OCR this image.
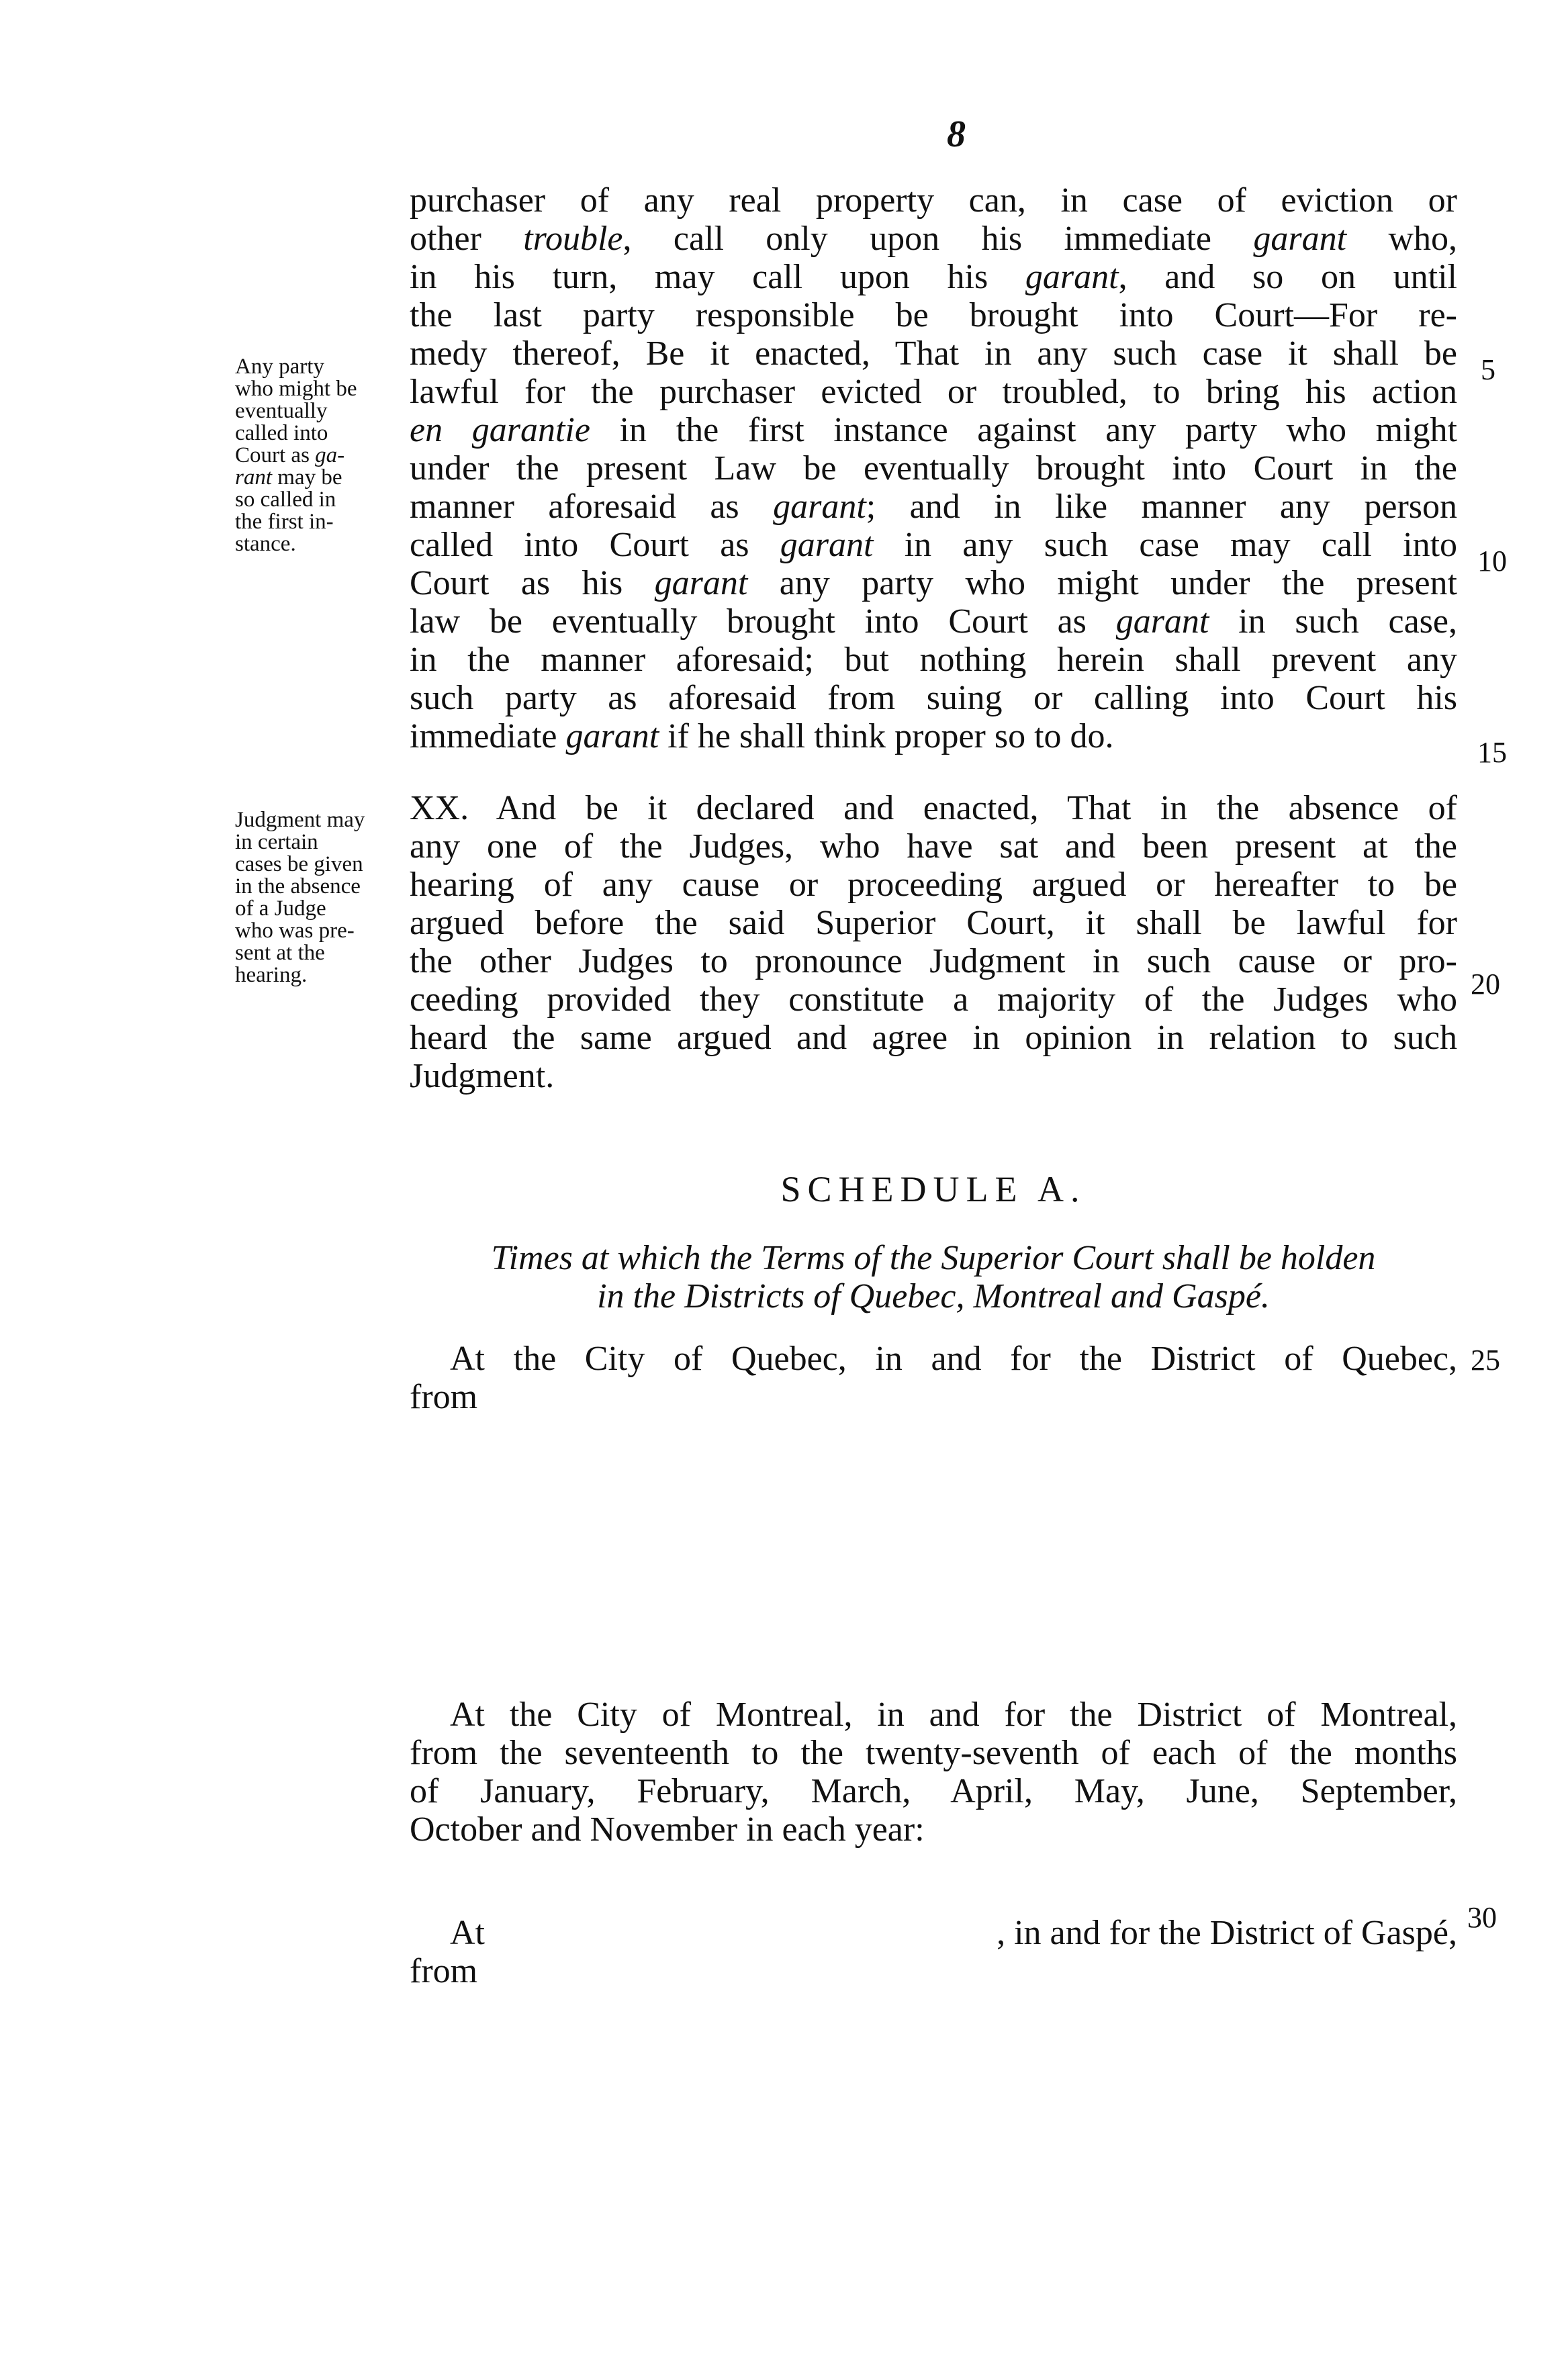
8
purchaser of any real property can, in case of eviction or
other trouble, call only upon his immediate garant who,
in his turn, may call upon his garant, and so on until
the last party responsible be brought into Court—For re-
medy thereof, Be it enacted, That in any such case it shall be
lawful for the purchaser evicted or troubled, to bring his action
en garantie in the first instance against any party who might
under the present Law be eventually brought into Court in the
manner aforesaid as garant; and in like manner any person
called into Court as garant in any such case may call into
Court as his garant any party who might under the present
law be eventually brought into Court as garant in such case,
in the manner aforesaid; but nothing herein shall prevent any
such party as aforesaid from suing or calling into Court his
immediate garant if he shall think proper so to do.
Any party
who might be
eventually
called into
Court as ga-
rant may be
so called in
the first in-
stance.
XX. And be it declared and enacted, That in the absence of
any one of the Judges, who have sat and been present at the
hearing of any cause or proceeding argued or hereafter to be
argued before the said Superior Court, it shall be lawful for
the other Judges to pronounce Judgment in such cause or pro-
ceeding provided they constitute a majority of the Judges who
heard the same argued and agree in opinion in relation to such
Judgment.
Judgment may
in certain
cases be given
in the absence
of a Judge
who was pre-
sent at the
hearing.
5
10
15
20
25
30
SCHEDULE A.
Times at which the Terms of the Superior Court shall be holden
in the Districts of Quebec, Montreal and Gaspé.
At the City of Quebec, in and for the District of Quebec,
from
At the City of Montreal, in and for the District of Montreal,
from the seventeenth to the twenty-seventh of each of the months
of January, February, March, April, May, June, September,
October and November in each year:
At	, in and for the District of Gaspé,
from
